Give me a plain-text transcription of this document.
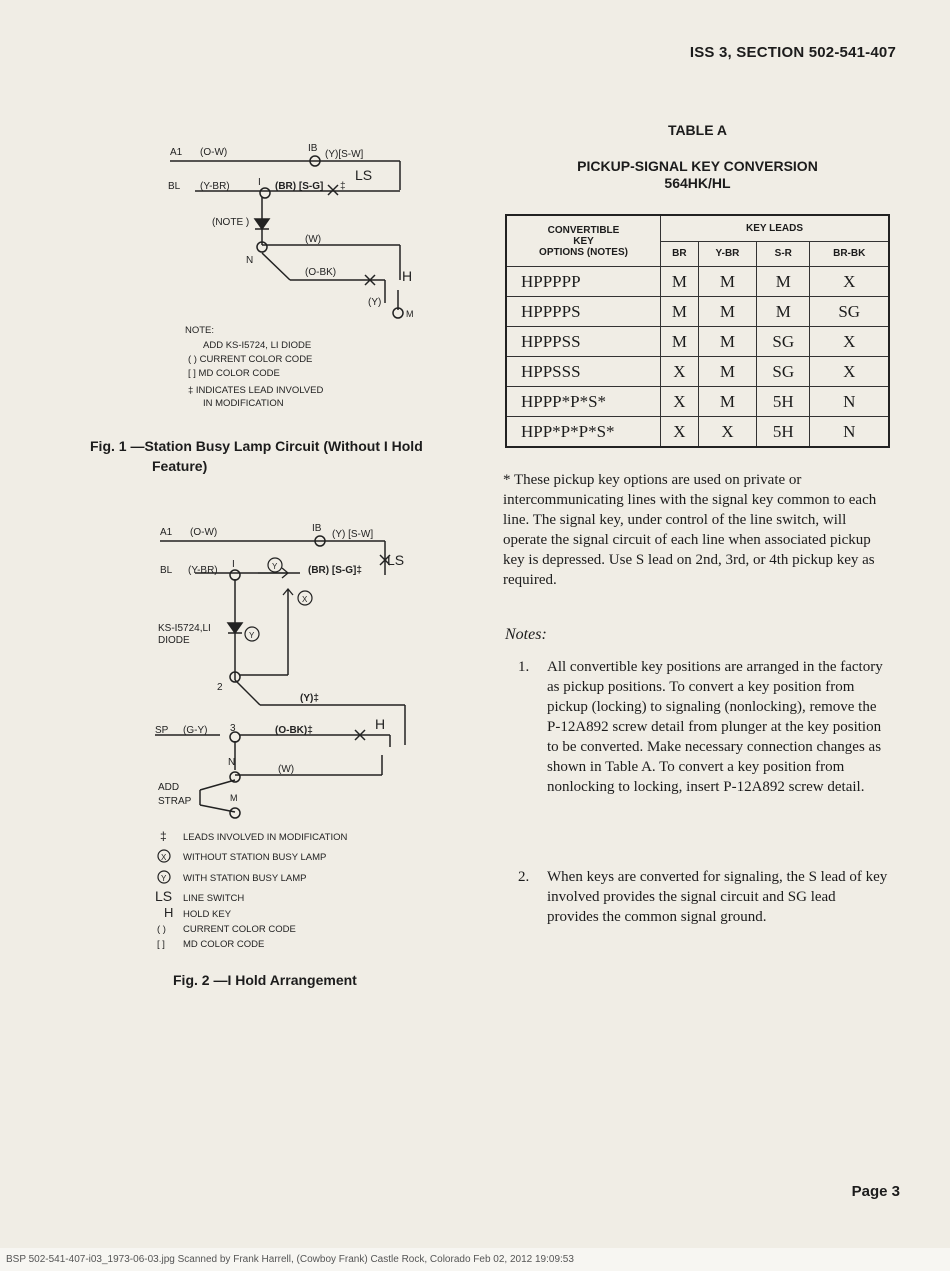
ISS 3, SECTION 502-541-407
A1 (O-W)	IB
(Y)[S-W]
BL (Y-BR)	I (BR) [S-G] ‡
LS
(NOTE )
N
(W)
(O-BK)	H
(Y)
M
NOTE:
ADD KS-I5724, LI DIODE
( ) CURRENT COLOR CODE
[ ] MD COLOR CODE
‡ INDICATES LEAD INVOLVED
IN MODIFICATION
Fig. 1 —Station Busy Lamp Circuit (Without I Hold
Feature)
A1 (O-W)	IB
(Y) [S-W]
BL (Y-BR)
I	Y	(BR) [S-G]‡
LS
X
KS-I5724,LI
DIODE	Y
2
(Y)‡
SP (G-Y) 3	(O-BK)‡	H
N
(W)
ADD
STRAP	M
‡ LEADS INVOLVED IN MODIFICATION
X WITHOUT STATION BUSY LAMP
Y WITH STATION BUSY LAMP
LS LINE SWITCH
H HOLD KEY
( ) CURRENT COLOR CODE
[ ] MD COLOR CODE
Fig. 2 —I Hold Arrangement
TABLE A
PICKUP-SIGNAL KEY CONVERSION
564HK/HL
CONVERTIBLE
KEY
OPTIONS (NOTES)	KEY LEADS			
	BR	Y-BR	S-R	BR-BK
HPPPPP	M	M	M	X
HPPPPS	M	M	M	SG
HPPPSS	M	M	SG	X
HPPSSS	X	M	SG	X
HPPP*P*S*	X	M	5H	N
HPP*P*P*S*	X	X	5H	N
* These pickup key options are used on private or intercommunicating lines with the signal key common to each line. The signal key, under control of the line switch, will operate the signal circuit of each line when associated pickup key is depressed. Use S lead on 2nd, 3rd, or 4th pickup key as required.
Notes:
1.	All convertible key positions are arranged in the factory as pickup positions. To convert a key position from pickup (locking) to signaling (nonlocking), remove the P-12A892 screw detail from plunger at the key position to be converted. Make necessary connection changes as shown in Table A. To convert a key position from nonlocking to locking, insert P-12A892 screw detail.
2.	When keys are converted for signaling, the S lead of key involved provides the signal circuit and SG lead provides the common signal ground.
Page 3
BSP 502-541-407-i03_1973-06-03.jpg Scanned by Frank Harrell, (Cowboy Frank) Castle Rock, Colorado Feb 02, 2012 19:09:53
